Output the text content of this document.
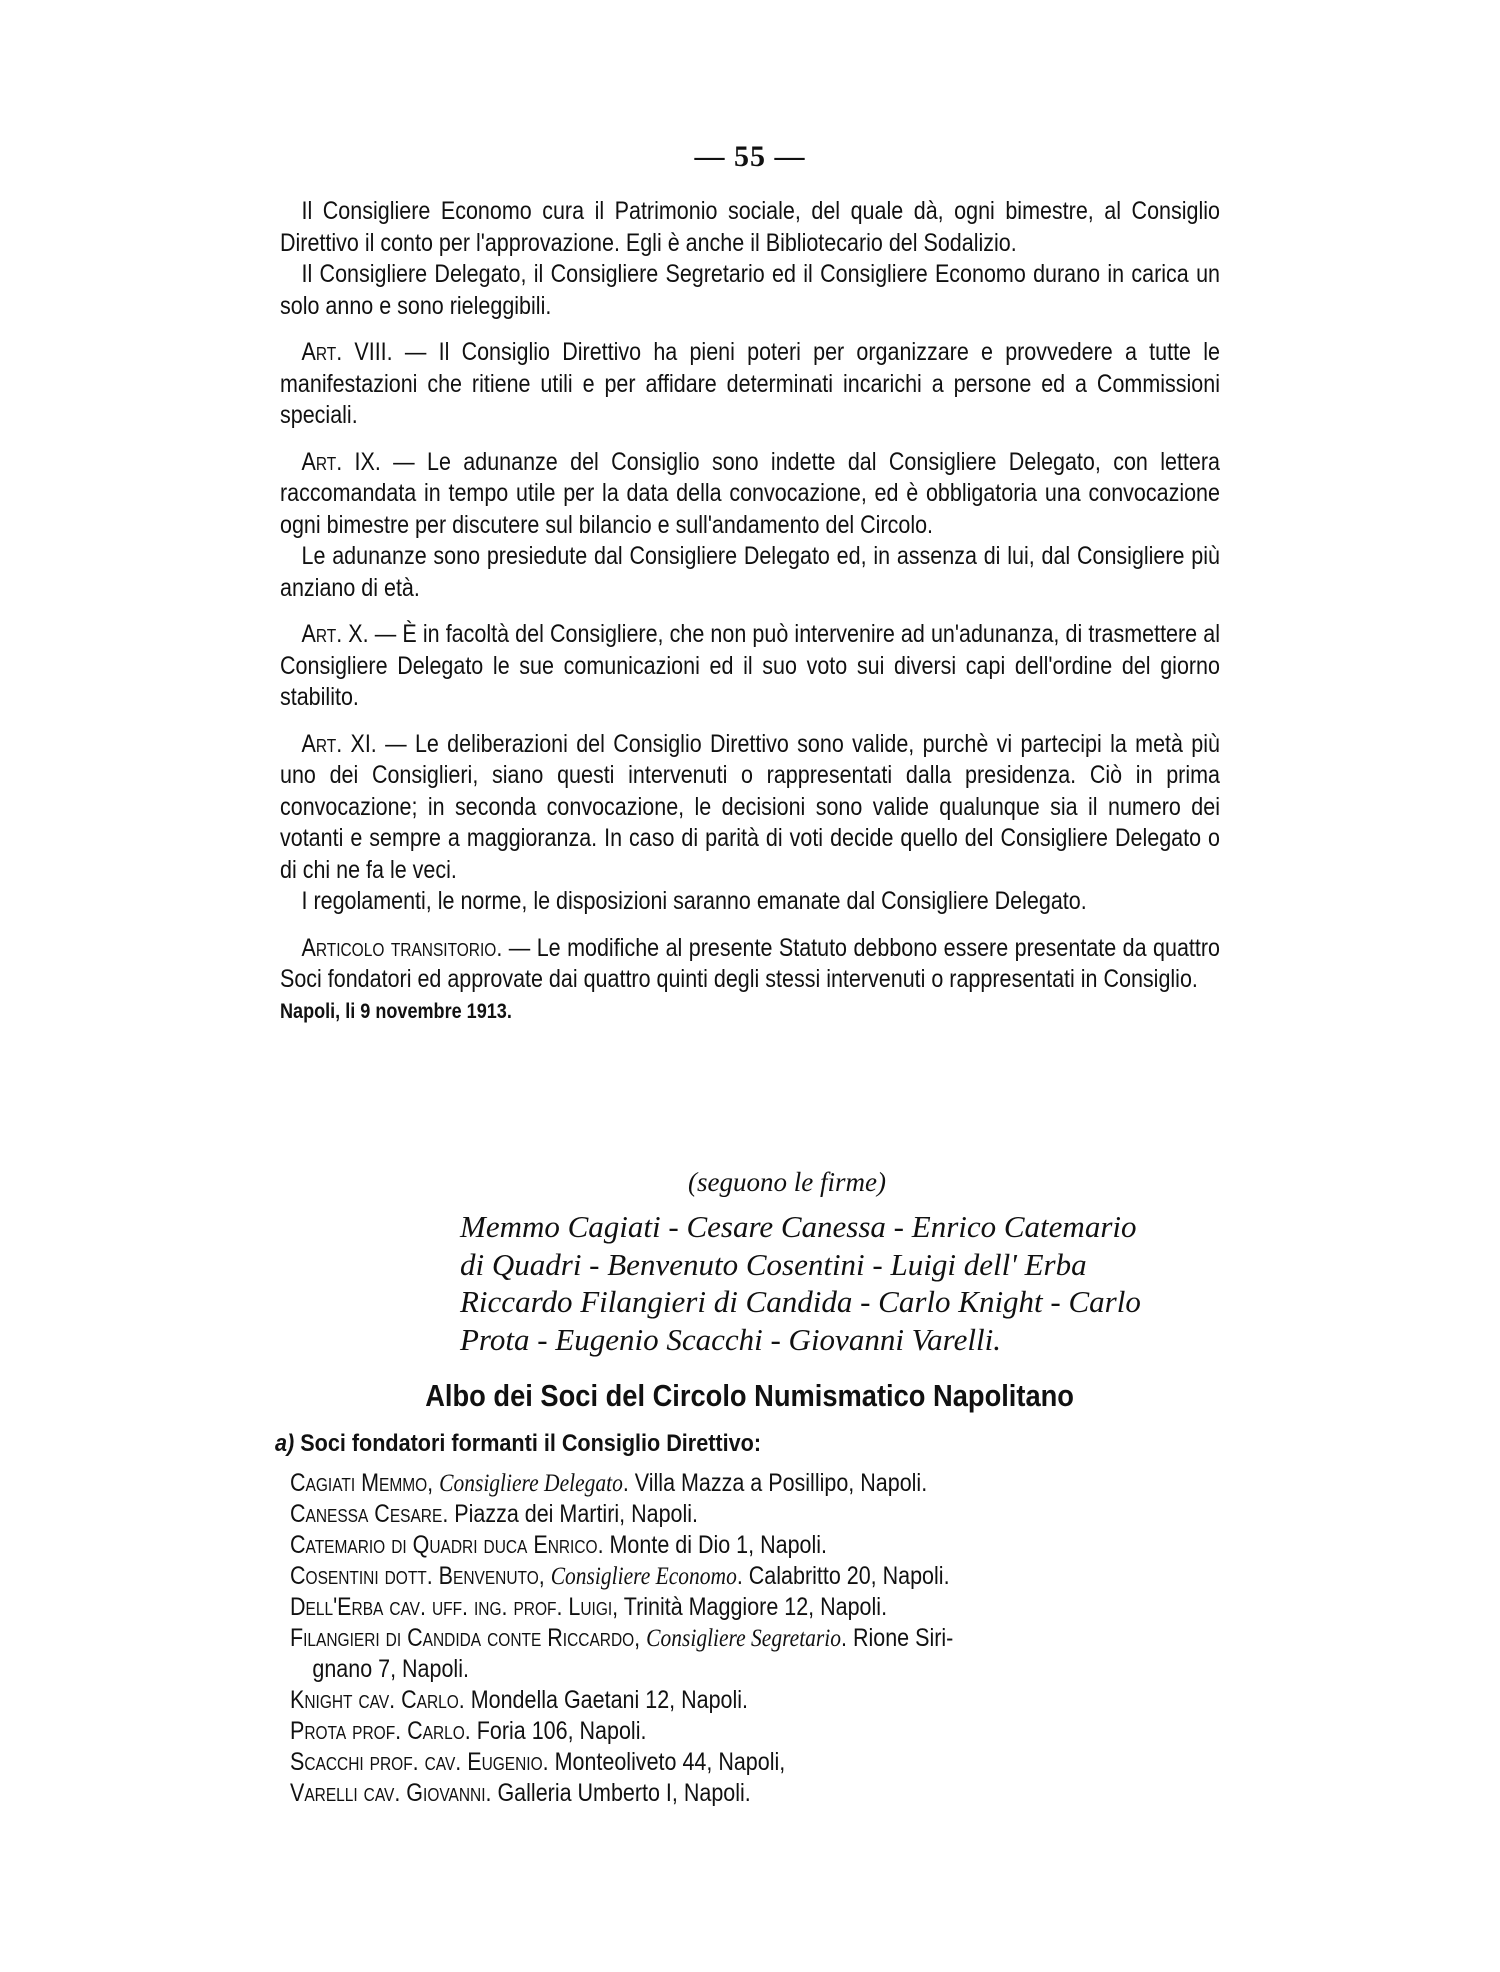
— 55 —

Il Consigliere Economo cura il Patrimonio sociale, del quale dà, ogni bimestre, al Consiglio Direttivo il conto per l'approvazione. Egli è anche il Bibliotecario del Sodalizio.

Il Consigliere Delegato, il Consigliere Segretario ed il Consigliere Economo durano in carica un solo anno e sono rieleggibili.

Art. VIII. — Il Consiglio Direttivo ha pieni poteri per organizzare e provvedere a tutte le manifestazioni che ritiene utili e per affidare determinati incarichi a persone ed a Commissioni speciali.

Art. IX. — Le adunanze del Consiglio sono indette dal Consigliere Delegato, con lettera raccomandata in tempo utile per la data della convocazione, ed è obbligatoria una convocazione ogni bimestre per discutere sul bilancio e sull'andamento del Circolo.

Le adunanze sono presiedute dal Consigliere Delegato ed, in assenza di lui, dal Consigliere più anziano di età.

Art. X. — È in facoltà del Consigliere, che non può intervenire ad un'adunanza, di trasmettere al Consigliere Delegato le sue comunicazioni ed il suo voto sui diversi capi dell'ordine del giorno stabilito.

Art. XI. — Le deliberazioni del Consiglio Direttivo sono valide, purchè vi partecipi la metà più uno dei Consiglieri, siano questi intervenuti o rappresentati dalla presidenza. Ciò in prima convocazione; in seconda convocazione, le decisioni sono valide qualunque sia il numero dei votanti e sempre a maggioranza. In caso di parità di voti decide quello del Consigliere Delegato o di chi ne fa le veci.

I regolamenti, le norme, le disposizioni saranno emanate dal Consigliere Delegato.

Articolo transitorio. — Le modifiche al presente Statuto debbono essere presentate da quattro Soci fondatori ed approvate dai quattro quinti degli stessi intervenuti o rappresentati in Consiglio.

Napoli, li 9 novembre 1913.

(seguono le firme)
Memmo Cagiati - Cesare Canessa - Enrico Catemario
di Quadri - Benvenuto Cosentini - Luigi dell' Erba
Riccardo Filangieri di Candida - Carlo Knight - Carlo
Prota - Eugenio Scacchi - Giovanni Varelli.
Albo dei Soci del Circolo Numismatico Napolitano
a) Soci fondatori formanti il Consiglio Direttivo:
Cagiati Memmo, Consigliere Delegato. Villa Mazza a Posillipo, Napoli.
Canessa Cesare. Piazza dei Martiri, Napoli.
Catemario di Quadri duca Enrico. Monte di Dio 1, Napoli.
Cosentini dott. Benvenuto, Consigliere Economo. Calabritto 20, Napoli.
Dell'Erba cav. uff. ing. prof. Luigi, Trinità Maggiore 12, Napoli.
Filangieri di Candida conte Riccardo, Consigliere Segretario. Rione Siri-
gnano 7, Napoli.
Knight cav. Carlo. Mondella Gaetani 12, Napoli.
Prota prof. Carlo. Foria 106, Napoli.
Scacchi prof. cav. Eugenio. Monteoliveto 44, Napoli,
Varelli cav. Giovanni. Galleria Umberto I, Napoli.
